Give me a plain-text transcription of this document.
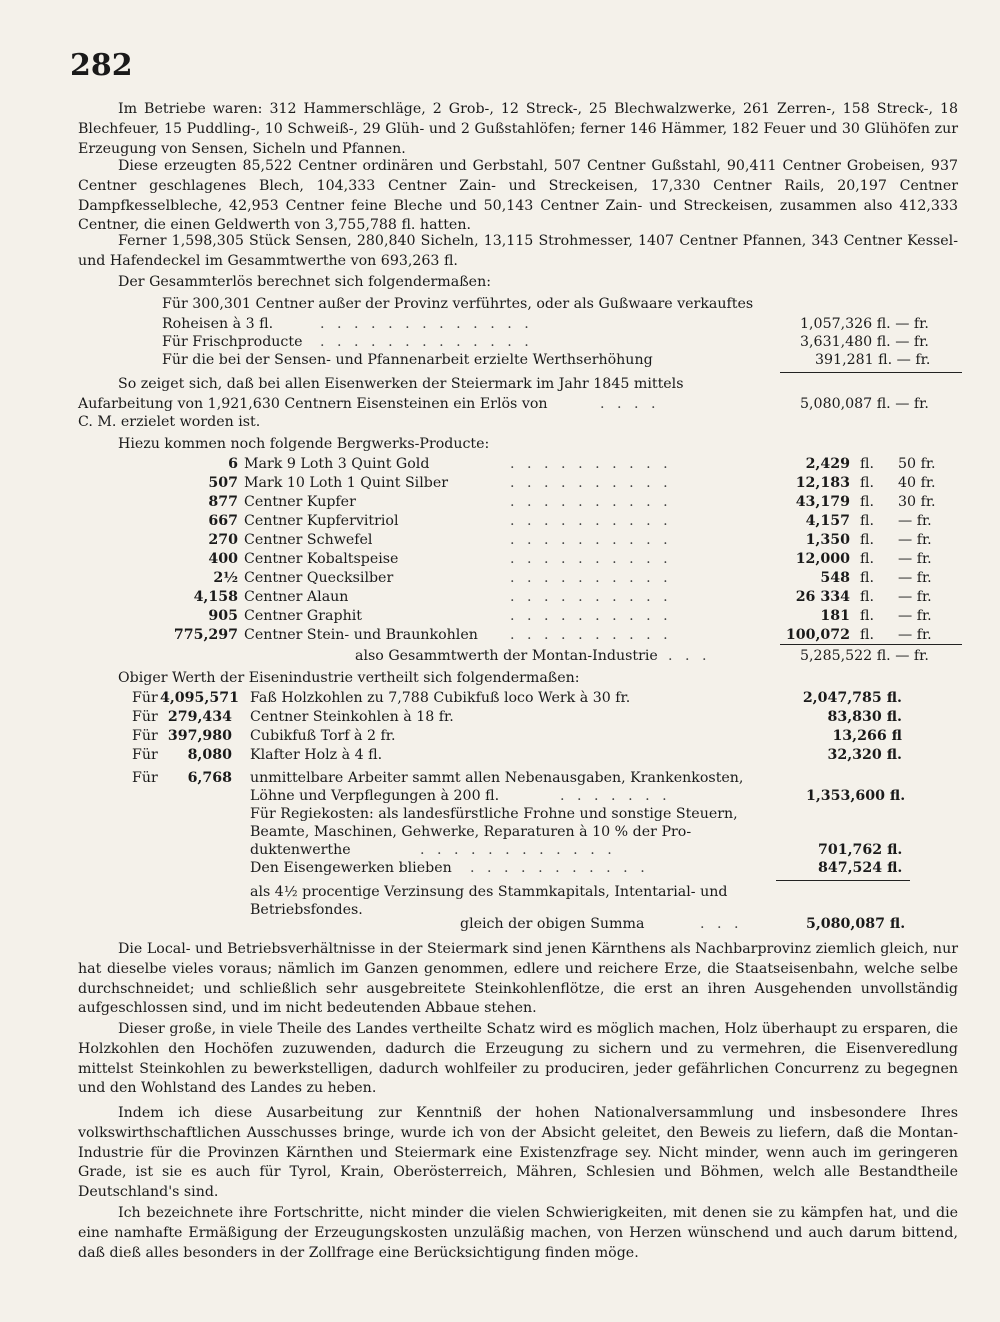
282

Im Betriebe waren: 312 Hammerschläge, 2 Grob-, 12 Streck-, 25 Blechwalzwerke, 261 Zerren-, 158 Streck-, 18 Blechfeuer, 15 Puddling-, 10 Schweiß-, 29 Glüh- und 2 Gußstahlöfen; ferner 146 Hämmer, 182 Feuer und 30 Glühöfen zur Erzeugung von Sensen, Sicheln und Pfannen.

Diese erzeugten 85,522 Centner ordinären und Gerbstahl, 507 Centner Gußstahl, 90,411 Centner Grobeisen, 937 Centner geschlagenes Blech, 104,333 Centner Zain- und Streckeisen, 17,330 Centner Rails, 20,197 Centner Dampfkesselbleche, 42,953 Centner feine Bleche und 50,143 Centner Zain- und Streckeisen, zusammen also 412,333 Centner, die einen Geldwerth von 3,755,788 fl. hatten.

Ferner 1,598,305 Stück Sensen, 280,840 Sicheln, 13,115 Strohmesser, 1407 Centner Pfannen, 343 Centner Kessel- und Hafendeckel im Gesammtwerthe von 693,263 fl.

Der Gesammterlös berechnet sich folgendermaßen:
Für 300,301 Centner außer der Provinz verführtes, oder als Gußwaare verkauftes
Roheisen à 3 fl.	. . . . . . . . . . . . .	1,057,326 fl. — fr.
Für Frischproducte . . . . . . . . . . . . .	3,631,480 fl. — fr.
Für die bei der Sensen- und Pfannenarbeit erzielte Werthserhöhung	391,281 fl. — fr.
So zeiget sich, daß bei allen Eisenwerken der Steiermark im Jahr 1845 mittels
Aufarbeitung von 1,921,630 Centnern Eisensteinen ein Erlös von	. . . .	5,080,087 fl. — fr.
C. M. erzielet worden ist.
Hiezu kommen noch folgende Bergwerks-Producte:
6 Mark 9 Loth 3 Quint Gold	. . . . . . . . . .	2,429 fl. 50 fr.
507 Mark 10 Loth 1 Quint Silber	. . . . . . . . . .	12,183 fl. 40 fr.
877 Centner Kupfer	. . . . . . . . . .	43,179 fl. 30 fr.
667 Centner Kupfervitriol	. . . . . . . . . .	4,157 fl. — fr.
270 Centner Schwefel	. . . . . . . . . .	1,350 fl. — fr.
400 Centner Kobaltspeise	. . . . . . . . . .	12,000 fl. — fr.
2½ Centner Quecksilber	. . . . . . . . . .	548 fl. — fr.
4,158 Centner Alaun	. . . . . . . . . .	26 334 fl. — fr.
905 Centner Graphit	. . . . . . . . . .	181 fl. — fr.
775,297 Centner Stein- und Braunkohlen . . . . . . . . . .	100,072 fl. — fr.
also Gesammtwerth der Montan-Industrie . . .	5,285,522 fl. — fr.
Obiger Werth der Eisenindustrie vertheilt sich folgendermaßen:
Für 4,095,571 Faß Holzkohlen zu 7,788 Cubikfuß loco Werk à 30 fr.	2,047,785 fl.
Für 279,434 Centner Steinkohlen à 18 fr.	83,830 fl.
Für 397,980 Cubikfuß Torf à 2 fr.	13,266 fl
Für	8,080 Klafter Holz à 4 fl.	32,320 fl.
Für	6,768 unmittelbare Arbeiter sammt allen Nebenausgaben, Krankenkosten,
Löhne und Verpflegungen à 200 fl.	. . . . . . .	1,353,600 fl.
Für Regiekosten: als landesfürstliche Frohne und sonstige Steuern,
Beamte, Maschinen, Gehwerke, Reparaturen à 10 % der Pro-
duktenwerthe	. . . . . . . . . . . .	701,762 fl.
Den Eisengewerken blieben . . . . . . . . . . .	847,524 fl.
als 4½ procentige Verzinsung des Stammkapitals, Intentarial- und
Betriebsfondes.
gleich der obigen Summa	. . .	5,080,087 fl.

Die Local- und Betriebsverhältnisse in der Steiermark sind jenen Kärnthens als Nachbarprovinz ziemlich gleich, nur hat dieselbe vieles voraus; nämlich im Ganzen genommen, edlere und reichere Erze, die Staatseisenbahn, welche selbe durchschneidet; und schließlich sehr ausgebreitete Steinkohlenflötze, die erst an ihren Ausgehenden unvollständig aufgeschlossen sind, und im nicht bedeutenden Abbaue stehen.

Dieser große, in viele Theile des Landes vertheilte Schatz wird es möglich machen, Holz überhaupt zu ersparen, die Holzkohlen den Hochöfen zuzuwenden, dadurch die Erzeugung zu sichern und zu vermehren, die Eisenveredlung mittelst Steinkohlen zu bewerkstelligen, dadurch wohlfeiler zu produciren, jeder gefährlichen Concurrenz zu begegnen und den Wohlstand des Landes zu heben.

Indem ich diese Ausarbeitung zur Kenntniß der hohen Nationalversammlung und insbesondere Ihres volkswirthschaftlichen Ausschusses bringe, wurde ich von der Absicht geleitet, den Beweis zu liefern, daß die Montan-Industrie für die Provinzen Kärnthen und Steiermark eine Existenzfrage sey. Nicht minder, wenn auch im geringeren Grade, ist sie es auch für Tyrol, Krain, Oberösterreich, Mähren, Schlesien und Böhmen, welch alle Bestandtheile Deutschland's sind.

Ich bezeichnete ihre Fortschritte, nicht minder die vielen Schwierigkeiten, mit denen sie zu kämpfen hat, und die eine namhafte Ermäßigung der Erzeugungskosten unzuläßig machen, von Herzen wünschend und auch darum bittend, daß dieß alles besonders in der Zollfrage eine Berücksichtigung finden möge.
